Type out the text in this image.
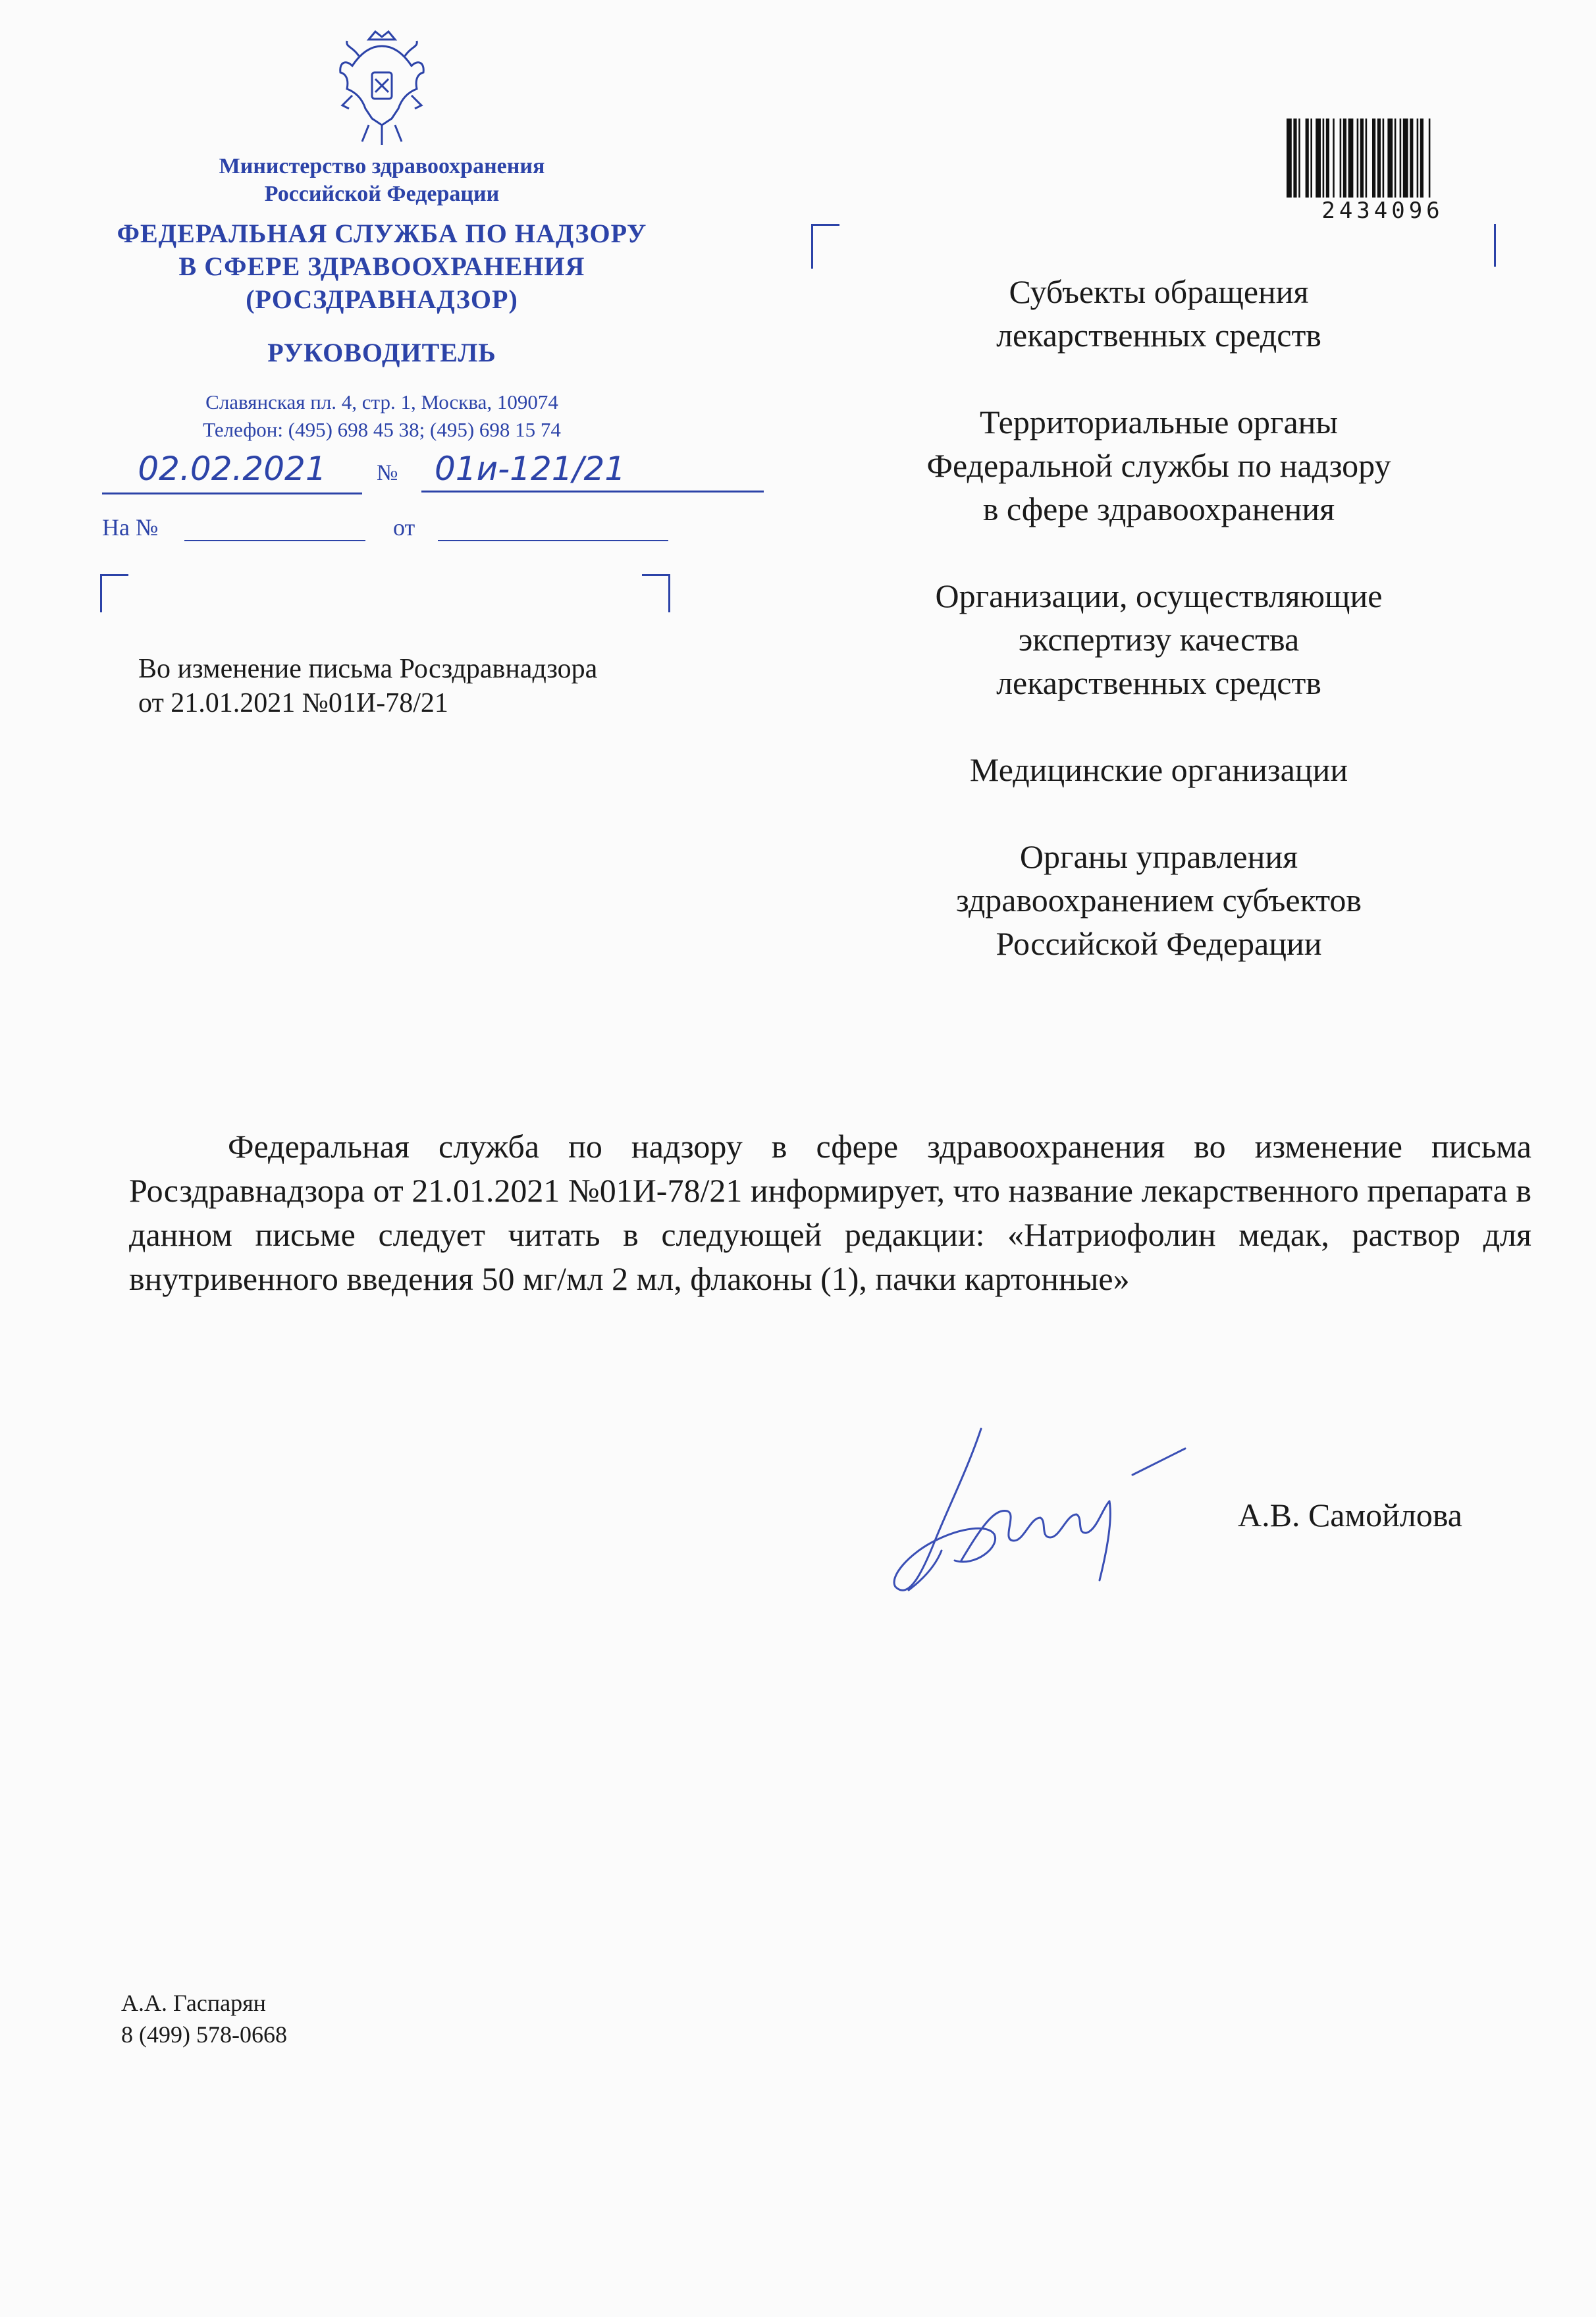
Министерство здравоохранения
Российской Федерации
ФЕДЕРАЛЬНАЯ СЛУЖБА ПО НАДЗОРУ
В СФЕРЕ ЗДРАВООХРАНЕНИЯ
(РОСЗДРАВНАДЗОР)
РУКОВОДИТЕЛЬ
Славянская пл. 4, стр. 1, Москва, 109074
Телефон: (495) 698 45 38; (495) 698 15 74
02.02.2021	№	01и-121/21
На №	от
Во изменение письма Росздравнадзора
от 21.01.2021 №01И-78/21
2434096
Субъекты обращения
лекарственных средств
Территориальные органы
Федеральной службы по надзору
в сфере здравоохранения
Организации, осуществляющие
экспертизу качества
лекарственных средств
Медицинские организации
Органы управления
здравоохранением субъектов
Российской Федерации
Федеральная служба по надзору в сфере здравоохранения во изменение письма Росздравнадзора от 21.01.2021 №01И-78/21 информирует, что название лекарственного препарата в данном письме следует читать в следующей редакции: «Натриофолин медак, раствор для внутривенного введения 50 мг/мл 2 мл, флаконы (1), пачки картонные»
А.В. Самойлова
А.А. Гаспарян
8 (499) 578-0668
